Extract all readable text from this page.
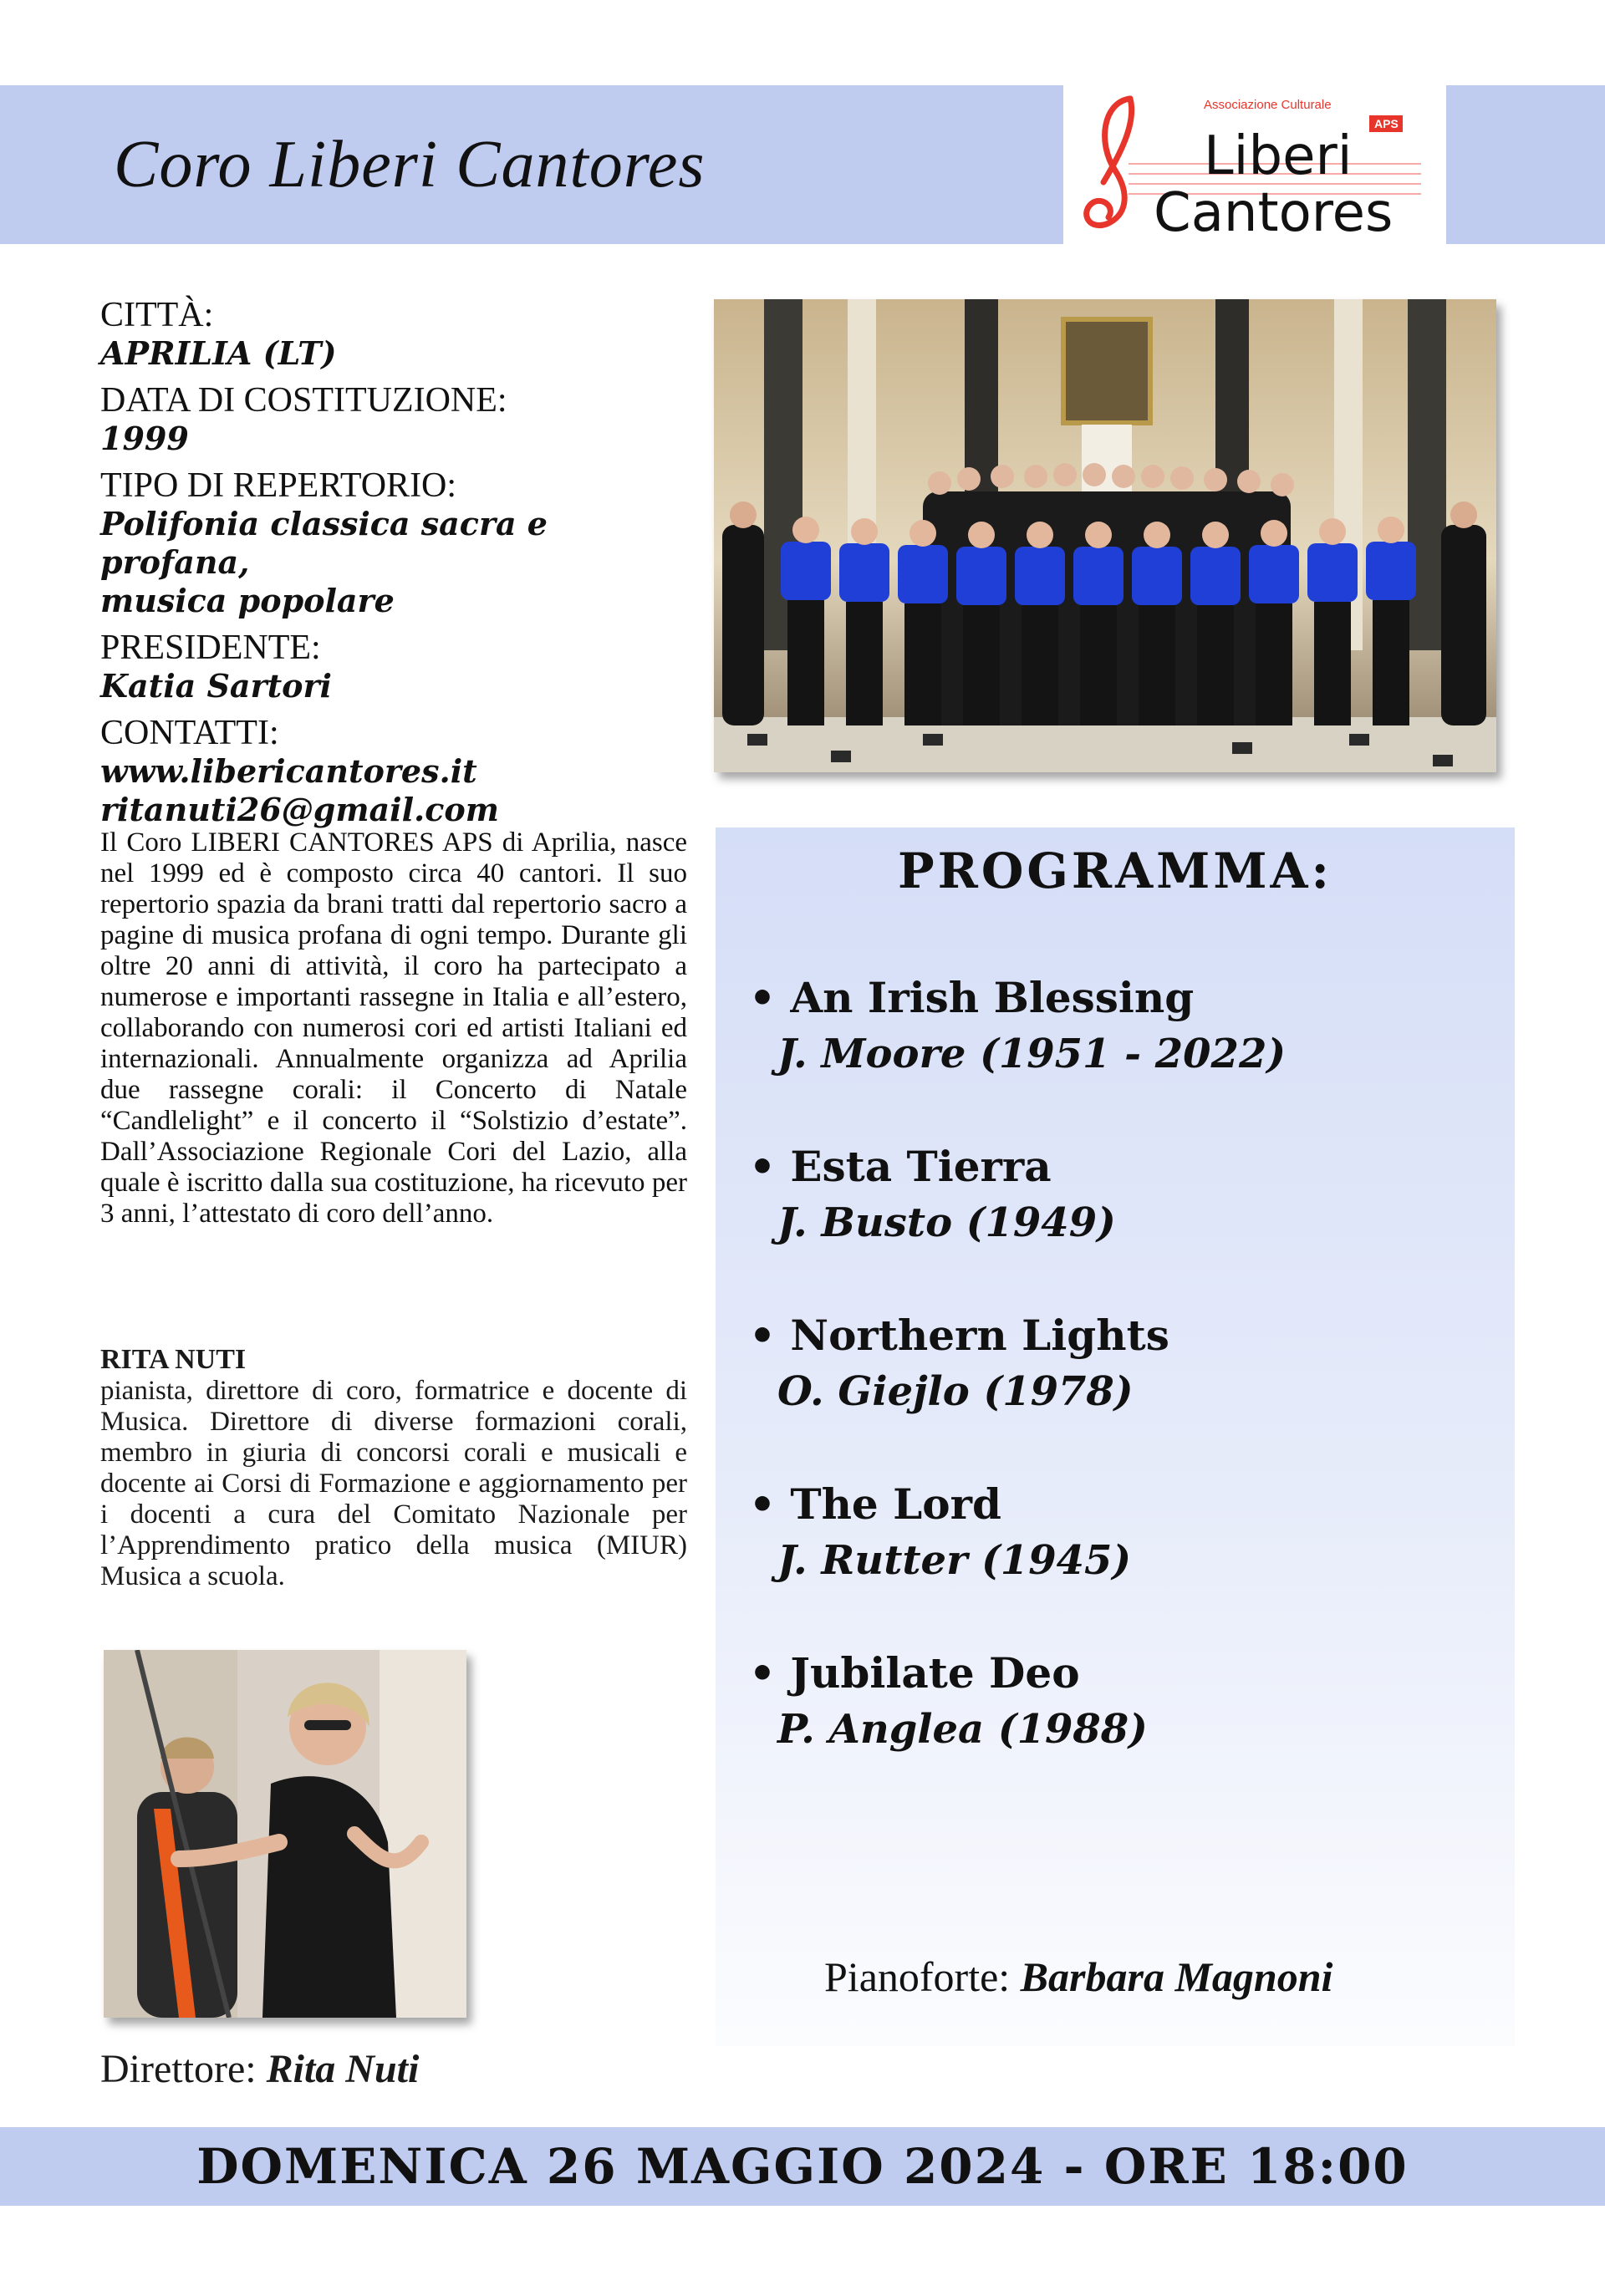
Coro Liberi Cantores
Associazione Culturale
APS
Liberi
Cantores
CITTÀ:
APRILIA (LT)
DATA DI COSTITUZIONE:
1999
TIPO DI REPERTORIO:
Polifonia classica sacra e profana,
musica popolare
PRESIDENTE:
Katia Sartori
CONTATTI:
www.libericantores.it
ritanuti26@gmail.com

Il Coro LIBERI CANTORES APS di Aprilia, nasce nel 1999 ed è composto circa 40 cantori. Il suo repertorio spazia da brani tratti dal repertorio sacro a pagine di musica profana di ogni tempo. Durante gli oltre 20 anni di attività, il coro ha partecipato a numerose e importanti rassegne in Italia e all’estero, collaborando con numerosi cori ed artisti Italiani ed internazionali. Annualmente organizza ad Aprilia due rassegne corali: il Concerto di Natale “Candlelight” e il concerto il “Solstizio d’estate”. Dall’Associazione Regionale Cori del Lazio, alla quale è iscritto dalla sua costituzione, ha ricevuto per 3 anni, l’attestato di coro dell’anno.

RITA NUTI

pianista, direttore di coro, formatrice e docente di Musica. Direttore di diverse formazioni corali, membro in giuria di concorsi corali e musicali e docente ai Corsi di Formazione e aggiornamento per i docenti a cura del Comitato Nazionale per l’Apprendimento pratico della musica (MIUR) Musica a scuola.

Direttore: Rita Nuti
PROGRAMMA:
• An Irish Blessing
J. Moore (1951 - 2022)
• Esta Tierra
J. Busto (1949)
• Northern Lights
O. Giejlo (1978)
• The Lord
J. Rutter (1945)
• Jubilate Deo
P. Anglea (1988)
Pianoforte: Barbara Magnoni
DOMENICA 26 MAGGIO 2024 - ORE 18:00
